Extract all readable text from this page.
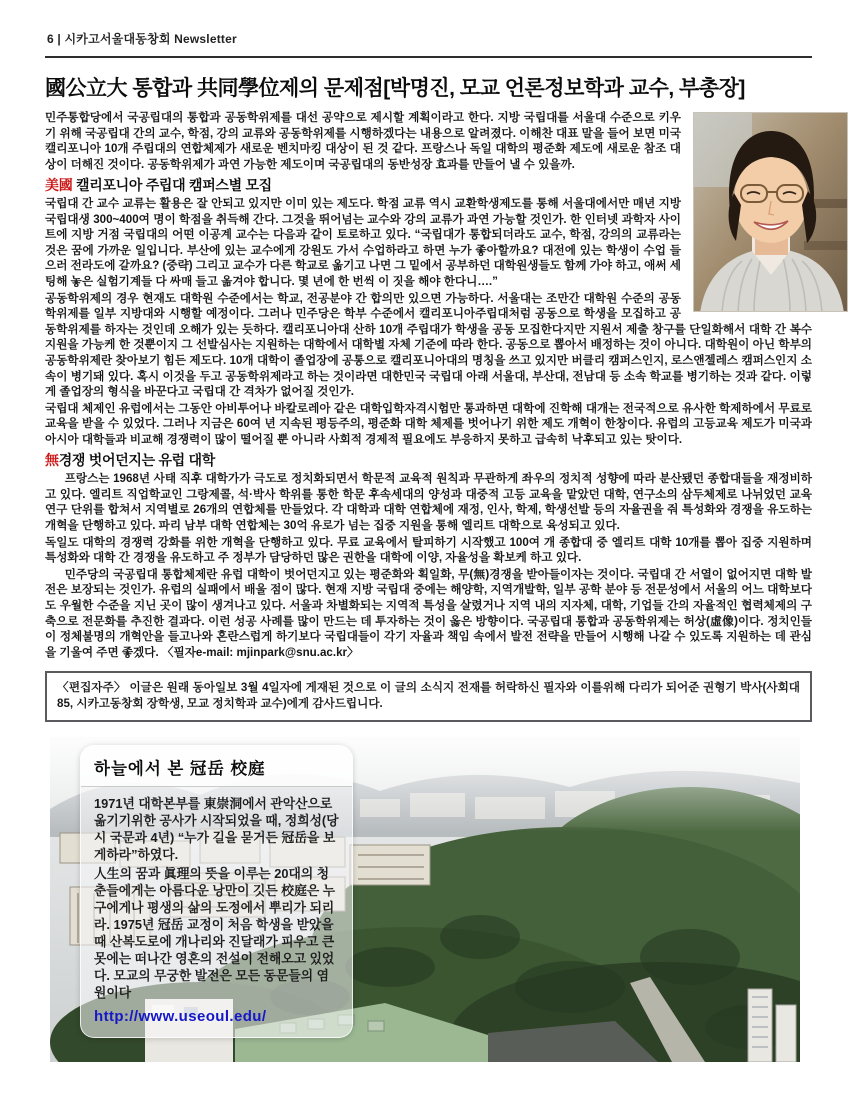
6 | 시카고서울대동창회 Newsletter
國公立大 통합과 共同學位제의 문제점[박명진, 모교 언론정보학과 교수, 부총장]

민주통합당에서 국공립대의 통합과 공동학위제를 대선 공약으로 제시할 계획이라고 한다. 지방 국립대를 서울대 수준으로 키우기 위해 국공립대 간의 교수, 학점, 강의 교류와 공동학위제를 시행하겠다는 내용으로 알려졌다. 이해찬 대표 말을 들어 보면 미국 캘리포니아 10개 주립대의 연합체제가 새로운 벤치마킹 대상이 된 것 같다. 프랑스나 독일 대학의 평준화 제도에 새로운 참조 대상이 더해진 것이다. 공동학위제가 과연 가능한 제도이며 국공립대의 동반성장 효과를 만들어 낼 수 있을까.

美國 캘리포니아 주립대 캠퍼스별 모집

국립대 간 교수 교류는 활용은 잘 안되고 있지만 이미 있는 제도다. 학점 교류 역시 교환학생제도를 통해 서울대에서만 매년 지방 국립대생 300~400여 명이 학점을 취득해 간다. 그것을 뛰어넘는 교수와 강의 교류가 과연 가능할 것인가. 한 인터넷 과학자 사이트에 지방 거점 국립대의 어떤 이공계 교수는 다음과 같이 토로하고 있다. “국립대가 통합되더라도 교수, 학점, 강의의 교류라는 것은 꿈에 가까운 일입니다. 부산에 있는 교수에게 강원도 가서 수업하라고 하면 누가 좋아할까요? 대전에 있는 학생이 수업 들으러 전라도에 갈까요? (중략) 그리고 교수가 다른 학교로 옮기고 나면 그 밑에서 공부하던 대학원생들도 함께 가야 하고, 애써 세팅해 놓은 실험기계들 다 싸매 들고 옮겨야 합니다. 몇 년에 한 번씩 이 짓을 해야 한다니….”

공동학위제의 경우 현재도 대학원 수준에서는 학교, 전공분야 간 합의만 있으면 가능하다. 서울대는 조만간 대학원 수준의 공동학위제를 일부 지방대와 시행할 예정이다. 그러나 민주당은 학부 수준에서 캘리포니아주립대처럼 공동으로 학생을 모집하고 공동학위제를 하자는 것인데 오해가 있는 듯하다. 캘리포니아대 산하 10개 주립대가 학생을 공동 모집한다지만 지원서 제출 창구를 단일화해서 대학 간 복수 지원을 가능케 한 것뿐이지 그 선발심사는 지원하는 대학에서 대학별 자체 기준에 따라 한다. 공동으로 뽑아서 배정하는 것이 아니다. 대학원이 아닌 학부의 공동학위제란 찾아보기 힘든 제도다. 10개 대학이 졸업장에 공통으로 캘리포니아대의 명칭을 쓰고 있지만 버클리 캠퍼스인지, 로스앤젤레스 캠퍼스인지 소속이 병기돼 있다. 혹시 이것을 두고 공동학위제라고 하는 것이라면 대한민국 국립대 아래 서울대, 부산대, 전남대 등 소속 학교를 병기하는 것과 같다. 이렇게 졸업장의 형식을 바꾼다고 국립대 간 격차가 없어질 것인가.

국립대 체제인 유럽에서는 그동안 아비투어나 바칼로레아 같은 대학입학자격시험만 통과하면 대학에 진학해 대개는 전국적으로 유사한 학제하에서 무료로 교육을 받을 수 있었다. 그러나 지금은 60여 년 지속된 평등주의, 평준화 대학 체제를 벗어나기 위한 제도 개혁이 한창이다. 유럽의 고등교육 제도가 미국과 아시아 대학들과 비교해 경쟁력이 많이 떨어질 뿐 아니라 사회적 경제적 필요에도 부응하지 못하고 급속히 낙후되고 있는 탓이다.

無경쟁 벗어던지는 유럽 대학

프랑스는 1968년 사태 직후 대학가가 극도로 정치화되면서 학문적 교육적 원칙과 무관하게 좌우의 정치적 성향에 따라 분산됐던 종합대들을 재정비하고 있다. 엘리트 직업학교인 그랑제콜, 석·박사 학위를 통한 학문 후속세대의 양성과 대중적 고등 교육을 맡았던 대학, 연구소의 삼두체제로 나뉘었던 교육 연구 단위를 합쳐서 지역별로 26개의 연합체를 만들었다. 각 대학과 대학 연합체에 재정, 인사, 학제, 학생선발 등의 자율권을 줘 특성화와 경쟁을 유도하는 개혁을 단행하고 있다. 파리 남부 대학 연합체는 30억 유로가 넘는 집중 지원을 통해 엘리트 대학으로 육성되고 있다.

독일도 대학의 경쟁력 강화를 위한 개혁을 단행하고 있다. 무료 교육에서 탈피하기 시작했고 100여 개 종합대 중 엘리트 대학 10개를 뽑아 집중 지원하며 특성화와 대학 간 경쟁을 유도하고 주 정부가 담당하던 많은 권한을 대학에 이양, 자율성을 확보케 하고 있다.

민주당의 국공립대 통합체제란 유럽 대학이 벗어던지고 있는 평준화와 획일화, 무(無)경쟁을 받아들이자는 것이다. 국립대 간 서열이 없어지면 대학 발전은 보장되는 것인가. 유럽의 실패에서 배울 점이 많다. 현재 지방 국립대 중에는 해양학, 지역개발학, 일부 공학 분야 등 전문성에서 서울의 어느 대학보다도 우월한 수준을 지닌 곳이 많이 생겨나고 있다. 서울과 차별화되는 지역적 특성을 살렸거나 지역 내의 지자체, 대학, 기업들 간의 자율적인 협력체제의 구축으로 전문화를 추진한 결과다. 이런 성공 사례를 많이 만드는 데 투자하는 것이 옳은 방향이다. 국공립대 통합과 공동학위제는 허상(虛像)이다. 정치인들이 정체불명의 개혁안을 들고나와 혼란스럽게 하기보다 국립대들이 각기 자율과 책임 속에서 발전 전략을 만들어 시행해 나갈 수 있도록 지원하는 데 관심을 기울여 주면 좋겠다. 〈필자e-mail: mjinpark@snu.ac.kr〉

〈편집자주〉 이글은 원래 동아일보 3월 4일자에 게재된 것으로 이 글의 소식지 전재를 허락하신 필자와 이를위해 다리가 되어준 권형기 박사(사회대 85, 시카고동창회 장학생, 모교 정치학과 교수)에게 감사드립니다.
하늘에서 본 冠岳 校庭

1971년 대학본부를 東崇洞에서 관악산으로 옮기기위한 공사가 시작되었을 때, 정희성(당시 국문과 4년) “누가 길을 묻거든 冠岳을 보게하라”하였다.

人生의 꿈과 眞理의 뜻을 이루는 20대의 청춘들에게는 아름다운 낭만이 깃든 校庭은 누구에게나 평생의 삶의 도정에서 뿌리가 되리라. 1975년 冠岳 교정이 처음 학생을 받았을때 산복도로에 개나리와 진달래가 피우고 큰 못에는 떠나간 영혼의 전설이 전해오고 있었다. 모교의 무궁한 발전은 모든 동문들의 염원이다

http://www.useoul.edu/
